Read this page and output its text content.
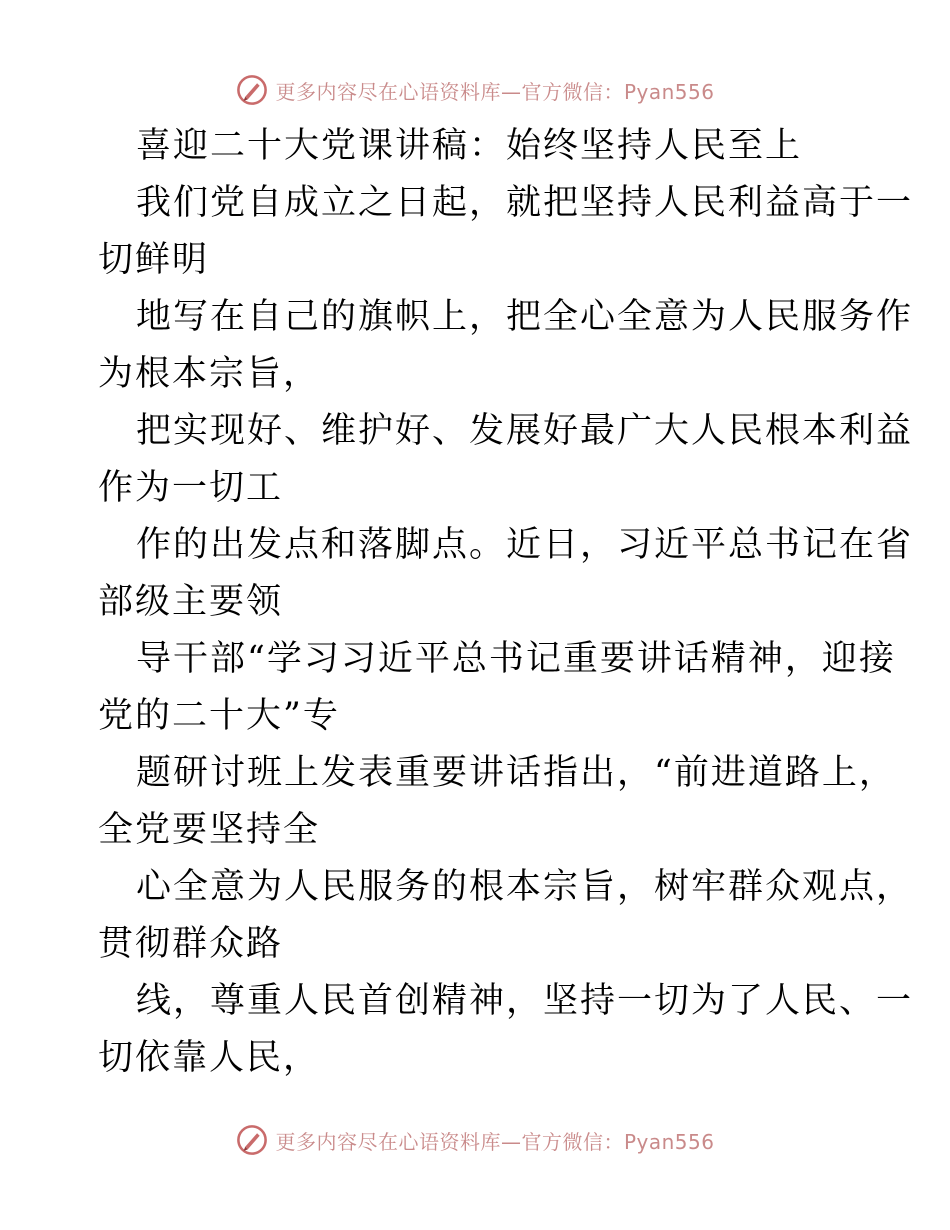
更多内容尽在心语资料库—官方微信：Pyan556
喜迎二十大党课讲稿：始终坚持人民至上
我们党自成立之日起，就把坚持人民利益高于一
切鲜明
地写在自己的旗帜上，把全心全意为人民服务作
为根本宗旨，
把实现好、维护好、发展好最广大人民根本利益
作为一切工
作的出发点和落脚点。近日，习近平总书记在省
部级主要领
导干部“学习习近平总书记重要讲话精神，迎接
党的二十大”专
题研讨班上发表重要讲话指出，“前进道路上，
全党要坚持全
心全意为人民服务的根本宗旨，树牢群众观点，
贯彻群众路
线，尊重人民首创精神，坚持一切为了人民、一
切依靠人民，
更多内容尽在心语资料库—官方微信：Pyan556
